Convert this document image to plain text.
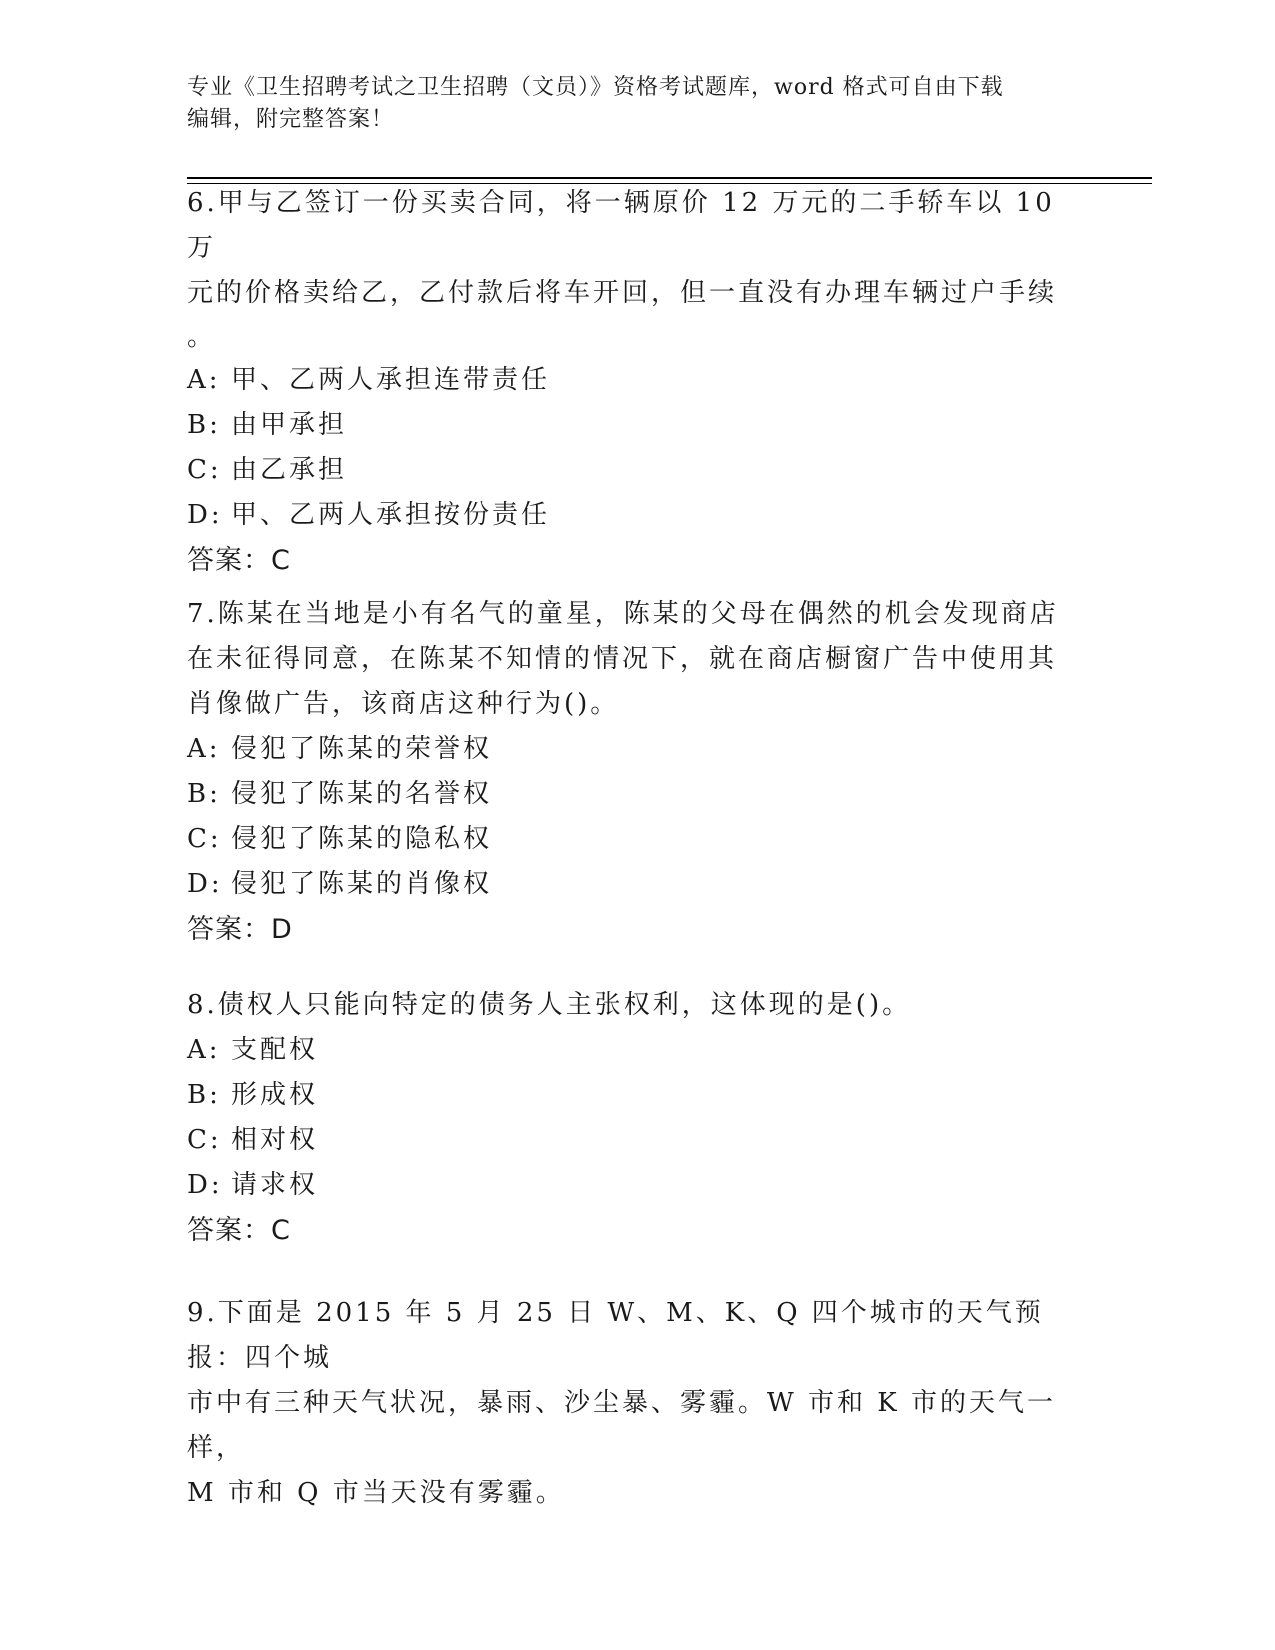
专业《卫生招聘考试之卫生招聘（文员）》资格考试题库，word 格式可自由下载
编辑，附完整答案！

6.甲与乙签订一份买卖合同，将一辆原价 12 万元的二手轿车以 10 万

元的价格卖给乙，乙付款后将车开回，但一直没有办理车辆过户手续

。

A: 甲、乙两人承担连带责任

B: 由甲承担

C: 由乙承担

D: 甲、乙两人承担按份责任

答案：C

7.陈某在当地是小有名气的童星，陈某的父母在偶然的机会发现商店

在未征得同意，在陈某不知情的情况下，就在商店橱窗广告中使用其

肖像做广告，该商店这种行为()。

A: 侵犯了陈某的荣誉权

B: 侵犯了陈某的名誉权

C: 侵犯了陈某的隐私权

D: 侵犯了陈某的肖像权

答案：D

8.债权人只能向特定的债务人主张权利，这体现的是()。

A: 支配权

B: 形成权

C: 相对权

D: 请求权

答案：C

9.下面是 2015 年 5 月 25 日 W、M、K、Q 四个城市的天气预报：四个城

市中有三种天气状况，暴雨、沙尘暴、雾霾。W 市和 K 市的天气一样，

M 市和 Q 市当天没有雾霾。
